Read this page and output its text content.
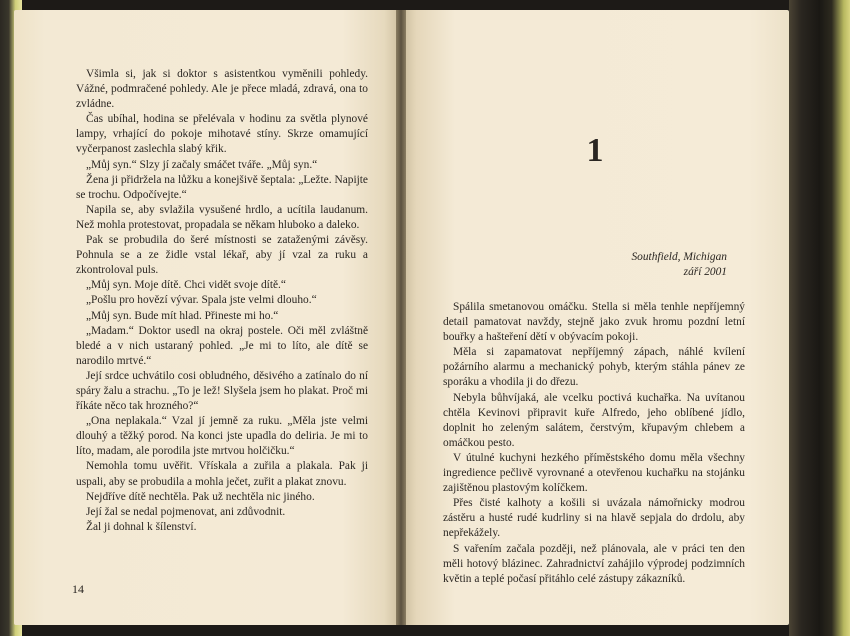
Všimla si, jak si doktor s asistentkou vyměnili pohledy. Vážné, podmračené pohledy. Ale je přece mladá, zdravá, ona to zvládne.

Čas ubíhal, hodina se přelévala v hodinu za světla plynové lampy, vrhající do pokoje mihotavé stíny. Skrze omamující vyčerpanost zaslechla slabý křik.

„Můj syn.“ Slzy jí začaly smáčet tváře. „Můj syn.“

Žena ji přidržela na lůžku a konejšivě šeptala: „Ležte. Napijte se trochu. Odpočívejte.“

Napila se, aby svlažila vysušené hrdlo, a ucítila laudanum. Než mohla protestovat, propadala se někam hluboko a daleko.

Pak se probudila do šeré místnosti se zataženými závěsy. Pohnula se a ze židle vstal lékař, aby jí vzal za ruku a zkontroloval puls.

„Můj syn. Moje dítě. Chci vidět svoje dítě.“

„Pošlu pro hovězí vývar. Spala jste velmi dlouho.“

„Můj syn. Bude mít hlad. Přineste mi ho.“

„Madam.“ Doktor usedl na okraj postele. Oči měl zvláštně bledé a v nich ustaraný pohled. „Je mi to líto, ale dítě se narodilo mrtvé.“

Její srdce uchvátilo cosi obludného, děsivého a zatínalo do ní spáry žalu a strachu. „To je lež! Slyšela jsem ho plakat. Proč mi říkáte něco tak hrozného?“

„Ona neplakala.“ Vzal jí jemně za ruku. „Měla jste velmi dlouhý a těžký porod. Na konci jste upadla do deliria. Je mi to líto, madam, ale porodila jste mrtvou holčičku.“

Nemohla tomu uvěřit. Vřískala a zuřila a plakala. Pak ji uspali, aby se probudila a mohla ječet, zuřit a plakat znovu.

Nejdříve dítě nechtěla. Pak už nechtěla nic jiného.

Její žal se nedal pojmenovat, ani zdůvodnit.

Žal ji dohnal k šílenství.

14
1
Southfield, Michigan
září 2001

Spálila smetanovou omáčku. Stella si měla tenhle nepříjemný detail pamatovat navždy, stejně jako zvuk hromu pozdní letní bouřky a hašteření dětí v obývacím pokoji.

Měla si zapamatovat nepříjemný zápach, náhlé kvílení požárního alarmu a mechanický pohyb, kterým stáhla pánev ze sporáku a vhodila ji do dřezu.

Nebyla bůhvíjaká, ale vcelku poctivá kuchařka. Na uvítanou chtěla Kevinovi připravit kuře Alfredo, jeho oblíbené jídlo, doplnit ho zeleným salátem, čerstvým, křupavým chlebem a omáčkou pesto.

V útulné kuchyni hezkého příměstského domu měla všechny ingredience pečlivě vyrovnané a otevřenou kuchařku na stojánku zajištěnou plastovým kolíčkem.

Přes čisté kalhoty a košili si uvázala námořnicky modrou zástěru a husté rudé kudrliny si na hlavě sepjala do drdolu, aby nepřekážely.

S vařením začala později, než plánovala, ale v práci ten den měli hotový blázinec. Zahradnictví zahájilo výprodej podzimních květin a teplé počasí přitáhlo celé zástupy zákazníků.
